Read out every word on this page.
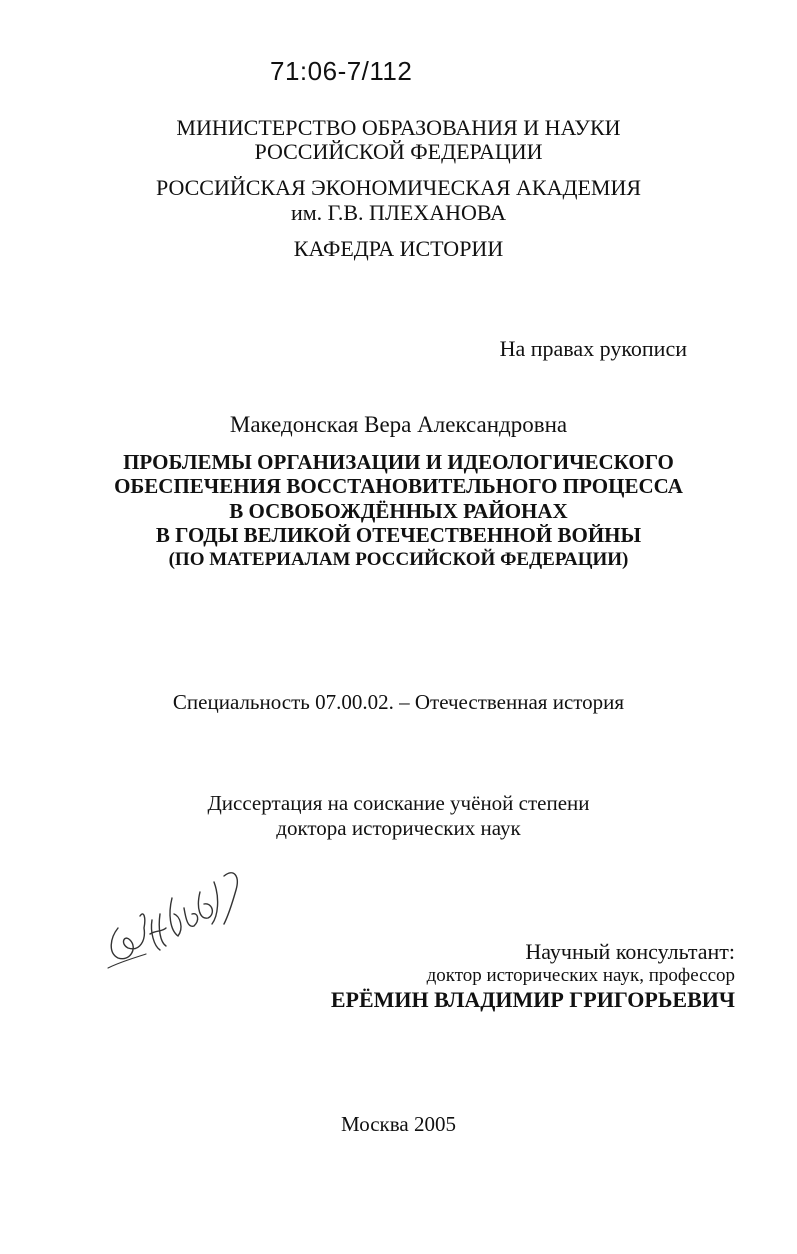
71:06-7/112
МИНИСТЕРСТВО ОБРАЗОВАНИЯ И НАУКИ
РОССИЙСКОЙ ФЕДЕРАЦИИ
РОССИЙСКАЯ ЭКОНОМИЧЕСКАЯ АКАДЕМИЯ
им. Г.В. ПЛЕХАНОВА
КАФЕДРА ИСТОРИИ
На правах рукописи
Македонская Вера Александровна
ПРОБЛЕМЫ ОРГАНИЗАЦИИ И ИДЕОЛОГИЧЕСКОГО
ОБЕСПЕЧЕНИЯ ВОССТАНОВИТЕЛЬНОГО ПРОЦЕССА
В ОСВОБОЖДЁННЫХ РАЙОНАХ
В ГОДЫ ВЕЛИКОЙ ОТЕЧЕСТВЕННОЙ ВОЙНЫ
(ПО МАТЕРИАЛАМ РОССИЙСКОЙ ФЕДЕРАЦИИ)
Специальность 07.00.02. – Отечественная история
Диссертация на соискание учёной степени
доктора исторических наук
Научный консультант:
доктор исторических наук, профессор
ЕРЁМИН ВЛАДИМИР ГРИГОРЬЕВИЧ
Москва 2005
